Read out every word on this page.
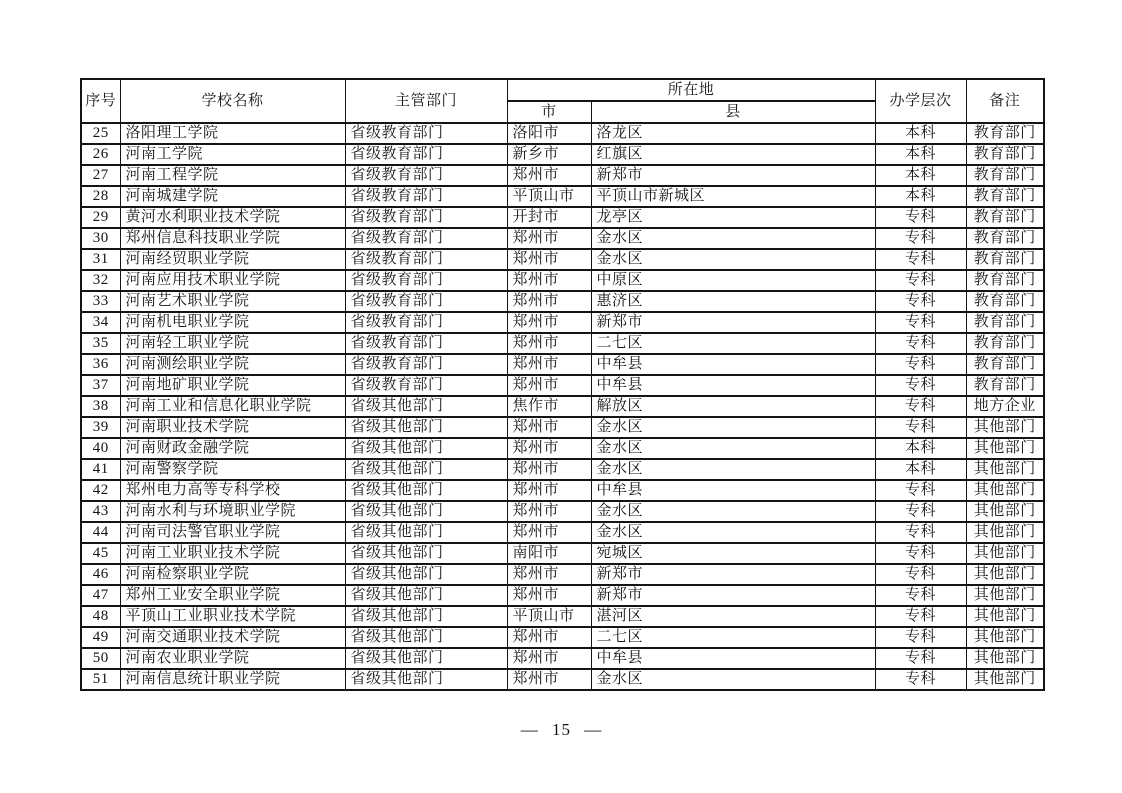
序号	学校名称	主管部门	所在地		办学层次	备注
			市	县		
25	洛阳理工学院	省级教育部门	洛阳市	洛龙区	本科	教育部门
26	河南工学院	省级教育部门	新乡市	红旗区	本科	教育部门
27	河南工程学院	省级教育部门	郑州市	新郑市	本科	教育部门
28	河南城建学院	省级教育部门	平顶山市	平顶山市新城区	本科	教育部门
29	黄河水利职业技术学院	省级教育部门	开封市	龙亭区	专科	教育部门
30	郑州信息科技职业学院	省级教育部门	郑州市	金水区	专科	教育部门
31	河南经贸职业学院	省级教育部门	郑州市	金水区	专科	教育部门
32	河南应用技术职业学院	省级教育部门	郑州市	中原区	专科	教育部门
33	河南艺术职业学院	省级教育部门	郑州市	惠济区	专科	教育部门
34	河南机电职业学院	省级教育部门	郑州市	新郑市	专科	教育部门
35	河南轻工职业学院	省级教育部门	郑州市	二七区	专科	教育部门
36	河南测绘职业学院	省级教育部门	郑州市	中牟县	专科	教育部门
37	河南地矿职业学院	省级教育部门	郑州市	中牟县	专科	教育部门
38	河南工业和信息化职业学院	省级其他部门	焦作市	解放区	专科	地方企业
39	河南职业技术学院	省级其他部门	郑州市	金水区	专科	其他部门
40	河南财政金融学院	省级其他部门	郑州市	金水区	本科	其他部门
41	河南警察学院	省级其他部门	郑州市	金水区	本科	其他部门
42	郑州电力高等专科学校	省级其他部门	郑州市	中牟县	专科	其他部门
43	河南水利与环境职业学院	省级其他部门	郑州市	金水区	专科	其他部门
44	河南司法警官职业学院	省级其他部门	郑州市	金水区	专科	其他部门
45	河南工业职业技术学院	省级其他部门	南阳市	宛城区	专科	其他部门
46	河南检察职业学院	省级其他部门	郑州市	新郑市	专科	其他部门
47	郑州工业安全职业学院	省级其他部门	郑州市	新郑市	专科	其他部门
48	平顶山工业职业技术学院	省级其他部门	平顶山市	湛河区	专科	其他部门
49	河南交通职业技术学院	省级其他部门	郑州市	二七区	专科	其他部门
50	河南农业职业学院	省级其他部门	郑州市	中牟县	专科	其他部门
51	河南信息统计职业学院	省级其他部门	郑州市	金水区	专科	其他部门
— 15 —
